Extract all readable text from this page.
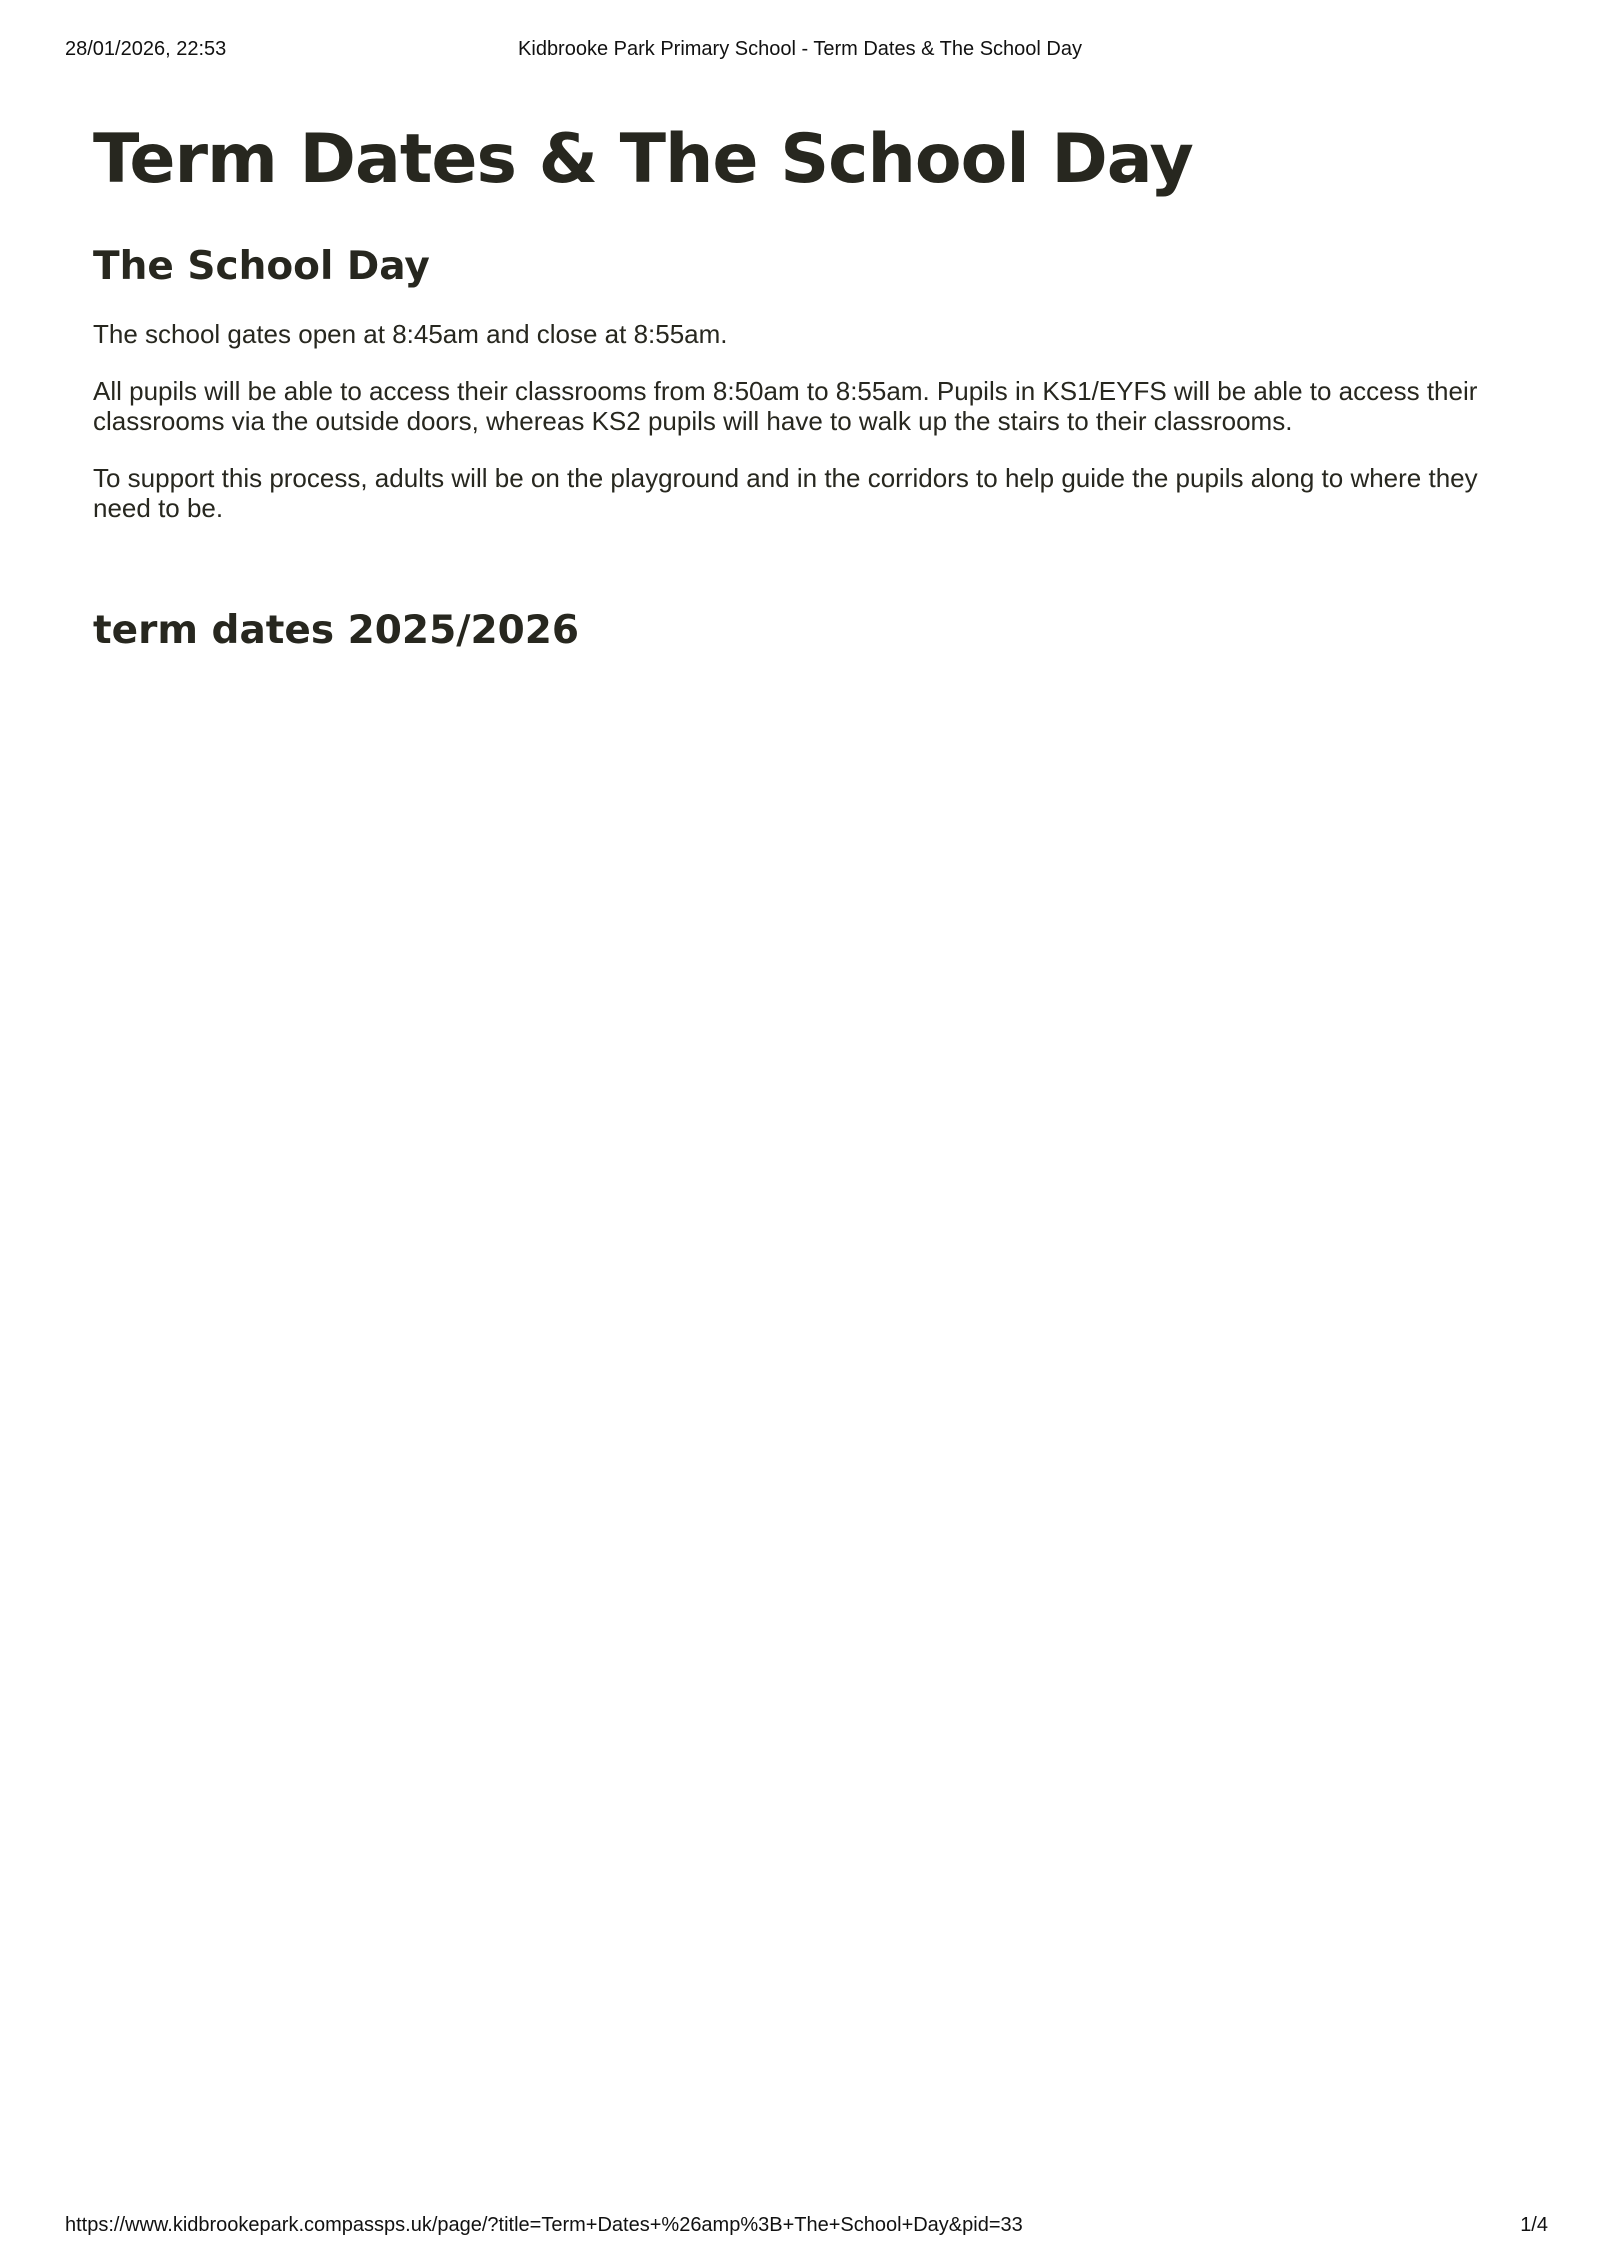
28/01/2026, 22:53	Kidbrooke Park Primary School - Term Dates & The School Day
Term Dates & The School Day
The School Day

The school gates open at 8:45am and close at 8:55am.

All pupils will be able to access their classrooms from 8:50am to 8:55am. Pupils in KS1/EYFS will be able to access their classrooms via the outside doors, whereas KS2 pupils will have to walk up the stairs to their classrooms.

To support this process, adults will be on the playground and in the corridors to help guide the pupils along to where they need to be.

term dates 2025/2026
https://www.kidbrookepark.compassps.uk/page/?title=Term+Dates+%26amp%3B+The+School+Day&pid=33	1/4
